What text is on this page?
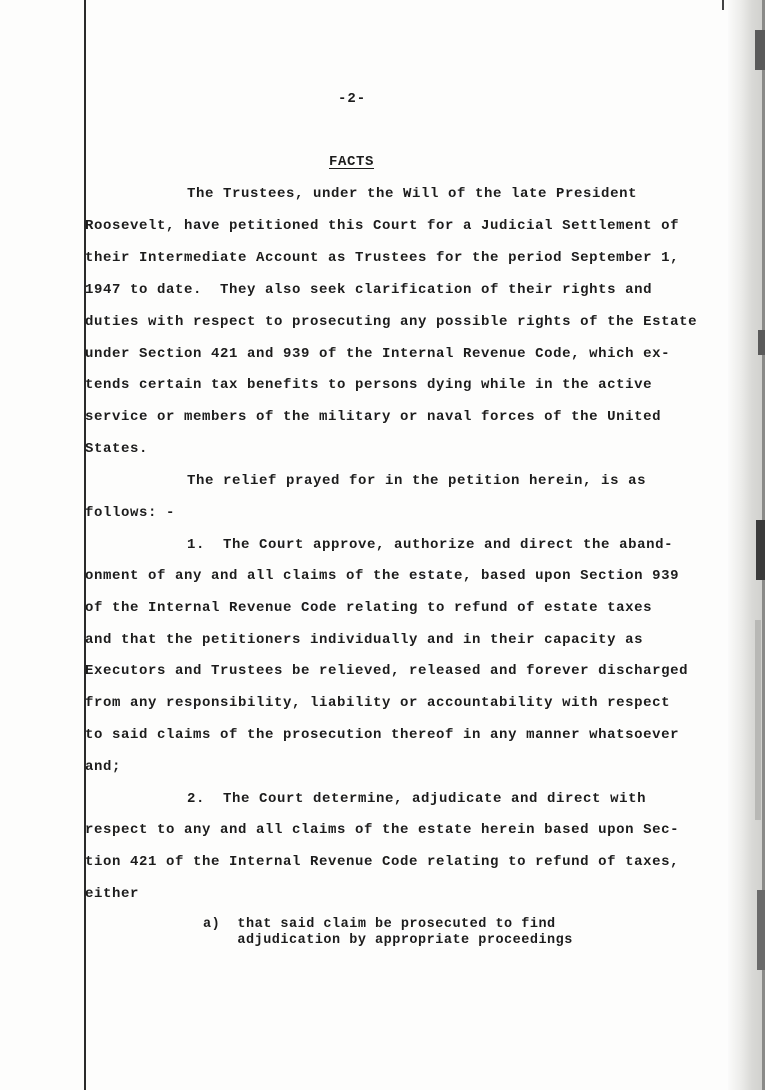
-2-
FACTS
The Trustees, under the Will of the late President
Roosevelt, have petitioned this Court for a Judicial Settlement of
their Intermediate Account as Trustees for the period September 1,
1947 to date.  They also seek clarification of their rights and
duties with respect to prosecuting any possible rights of the Estate
under Section 421 and 939 of the Internal Revenue Code, which ex-
tends certain tax benefits to persons dying while in the active
service or members of the military or naval forces of the United
States.
The relief prayed for in the petition herein, is as
follows: -
1.  The Court approve, authorize and direct the aband-
onment of any and all claims of the estate, based upon Section 939
of the Internal Revenue Code relating to refund of estate taxes
and that the petitioners individually and in their capacity as
Executors and Trustees be relieved, released and forever discharged
from any responsibility, liability or accountability with respect
to said claims of the prosecution thereof in any manner whatsoever
and;
2.  The Court determine, adjudicate and direct with
respect to any and all claims of the estate herein based upon Sec-
tion 421 of the Internal Revenue Code relating to refund of taxes,
either
a)  that said claim be prosecuted to find
adjudication by appropriate proceedings
